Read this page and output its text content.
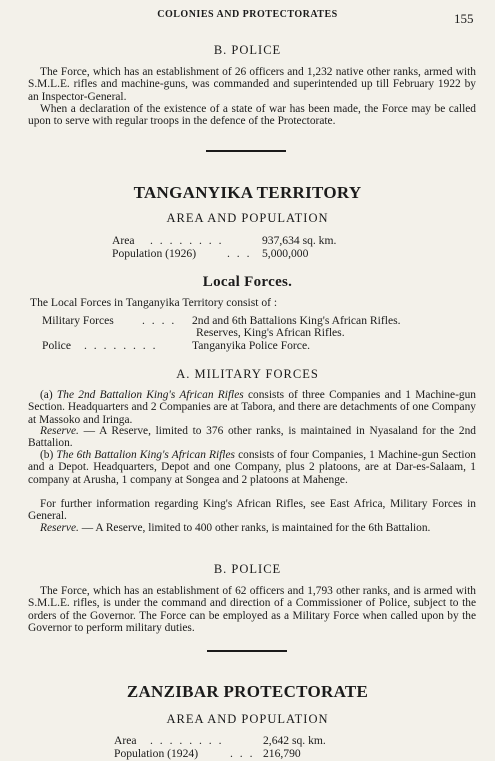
COLONIES AND PROTECTORATES	155
B. POLICE

The Force, which has an establishment of 26 officers and 1,232 native other ranks, armed with S.M.L.E. rifles and machine-guns, was commanded and superintended up till February 1922 by an Inspector-General.

When a declaration of the existence of a state of war has been made, the Force may be called upon to serve with regular troops in the defence of the Protectorate.

TANGANYIKA TERRITORY
AREA AND POPULATION
Area . . . . . . . .	937,634 sq. km.
Population (1926)	. . . 5,000,000
Local Forces.
The Local Forces in Tanganyika Territory consist of :
Military Forces . . . . 2nd and 6th Battalions King's African Rifles.
Reserves, King's African Rifles.
Police . . . . . . . .	Tanganyika Police Force.
A. MILITARY FORCES

(a) The 2nd Battalion King's African Rifles consists of three Companies and 1 Machine-gun Section. Headquarters and 2 Companies are at Tabora, and there are detachments of one Company at Massoko and Iringa.

Reserve. — A Reserve, limited to 376 other ranks, is maintained in Nyasaland for the 2nd Battalion.

(b) The 6th Battalion King's African Rifles consists of four Companies, 1 Machine-gun Section and a Depot. Headquarters, Depot and one Company, plus 2 platoons, are at Dar-es-Salaam, 1 company at Arusha, 1 company at Songea and 2 platoons at Mahenge.

For further information regarding King's African Rifles, see East Africa, Military Forces in General.

Reserve. — A Reserve, limited to 400 other ranks, is maintained for the 6th Battalion.

B. POLICE

The Force, which has an establishment of 62 officers and 1,793 other ranks, and is armed with S.M.L.E. rifles, is under the command and direction of a Commissioner of Police, subject to the orders of the Governor. The Force can be employed as a Military Force when called upon by the Governor to perform military duties.

ZANZIBAR PROTECTORATE
AREA AND POPULATION
Area . . . . . . . .	2,642 sq. km.
Population (1924)	. . . 216,790
